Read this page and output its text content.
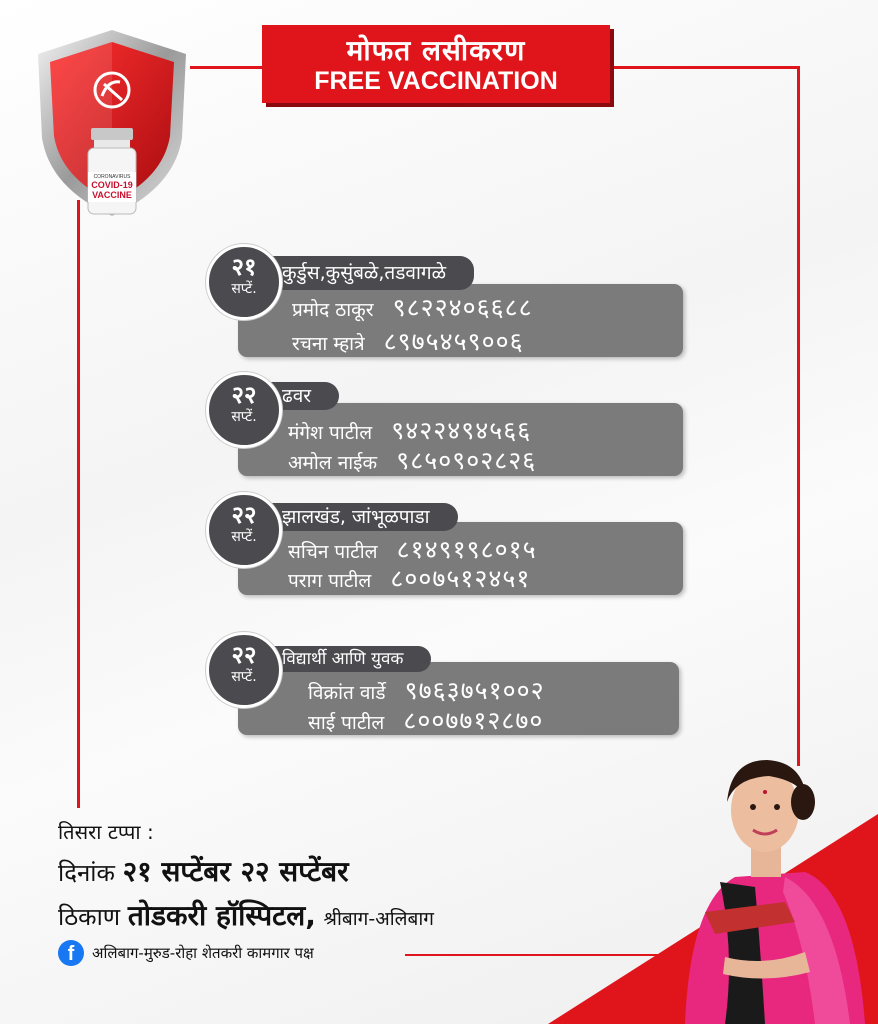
CORONAVIRUS
COVID-19
VACCINE
मोफत लसीकरण
FREE VACCINATION
कुर्डुस,कुसुंबळे,तडवागळे
२१
सप्टें.
प्रमोद ठाकूर ९८२२४०६६८८
रचना म्हात्रे ८९७५४५९००६
ढवर
२२
सप्टें.
मंगेश पाटील ९४२२४९४५६६
अमोल नाईक ९८५०९०२८२६
झालखंड, जांभूळपाडा
२२
सप्टें.
सचिन पाटील ८१४९१९८०१५
पराग पाटील ८००७५१२४५१
विद्यार्थी आणि युवक
२२
सप्टें.
विक्रांत वार्डे ९७६३७५१००२
साई पाटील ८००७७१२८७०
तिसरा टप्पा :
दिनांक २१ सप्टेंबर २२ सप्टेंबर
ठिकाण तोडकरी हॉस्पिटल, श्रीबाग-अलिबाग
f	अलिबाग-मुरुड-रोहा शेतकरी कामगार पक्ष
